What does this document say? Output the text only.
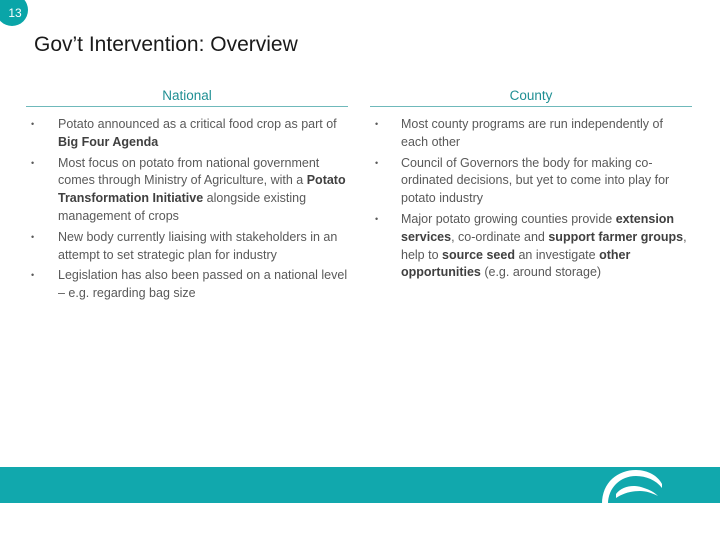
13
Gov’t Intervention: Overview
National
• Potato announced as a critical food crop as part of Big Four Agenda
• Most focus on potato from national government comes through Ministry of Agriculture, with a Potato Transformation Initiative alongside existing management of crops
• New body currently liaising with stakeholders in an attempt to set strategic plan for industry
• Legislation has also been passed on a national level – e.g. regarding bag size
County
• Most county programs are run independently of each other
• Council of Governors the body for making co-ordinated decisions, but yet to come into play for potato industry
• Major potato growing counties provide extension services, co-ordinate and support farmer groups, help to source seed an investigate other opportunities (e.g. around storage)
